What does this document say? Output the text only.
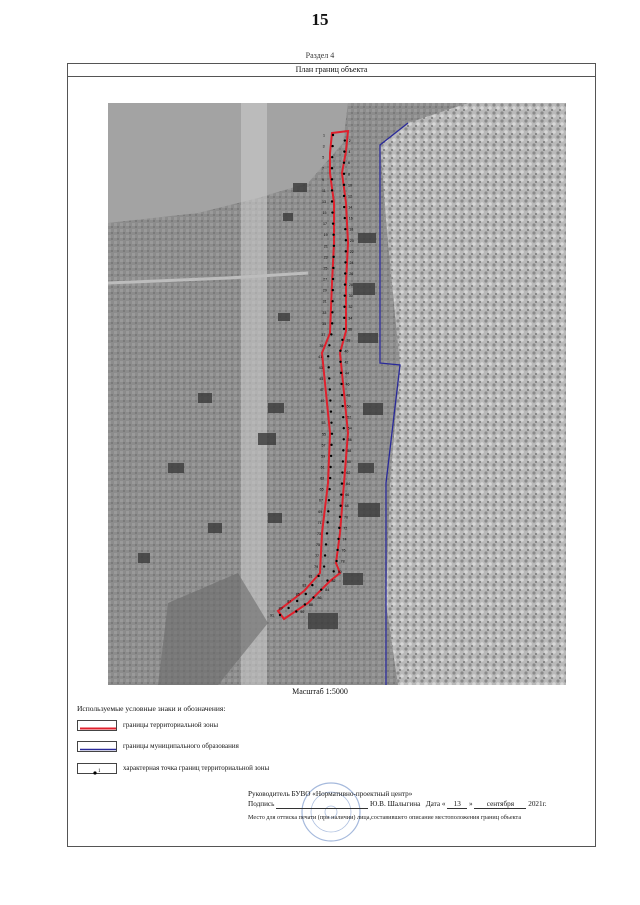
15
Раздел 4
План границ объекта
1
2
3
4
5
6
7
8
9
10
11
12
13
14
15
16
17
18
19
20
21
22
23
24
25
26
27
28
29
30
31
32
33
34
35
36
37
38
39
40
41
42
43
44
45
46
47
48
49
50
51
52
53
54
55
56
57
58
59
60
61
62
63
64
65
66
67
68
69
70
71
72
73
74
75
76
77
78
79
80
81
82
83
84
85
86
87
88
89
90
91
Масштаб 1:5000
Используемые условные знаки и обозначения:
границы территориальной зоны
границы муниципального образования
1	характерная точка границ территориальной зоны
Руководитель БУВО «Нормативно-проектный центр»
Подпись	Ю.В. Шалыгина Дата « 13 » сентября 2021г.
Место для оттиска печати (при наличии) лица,составившего описание местоположения границ объекта
